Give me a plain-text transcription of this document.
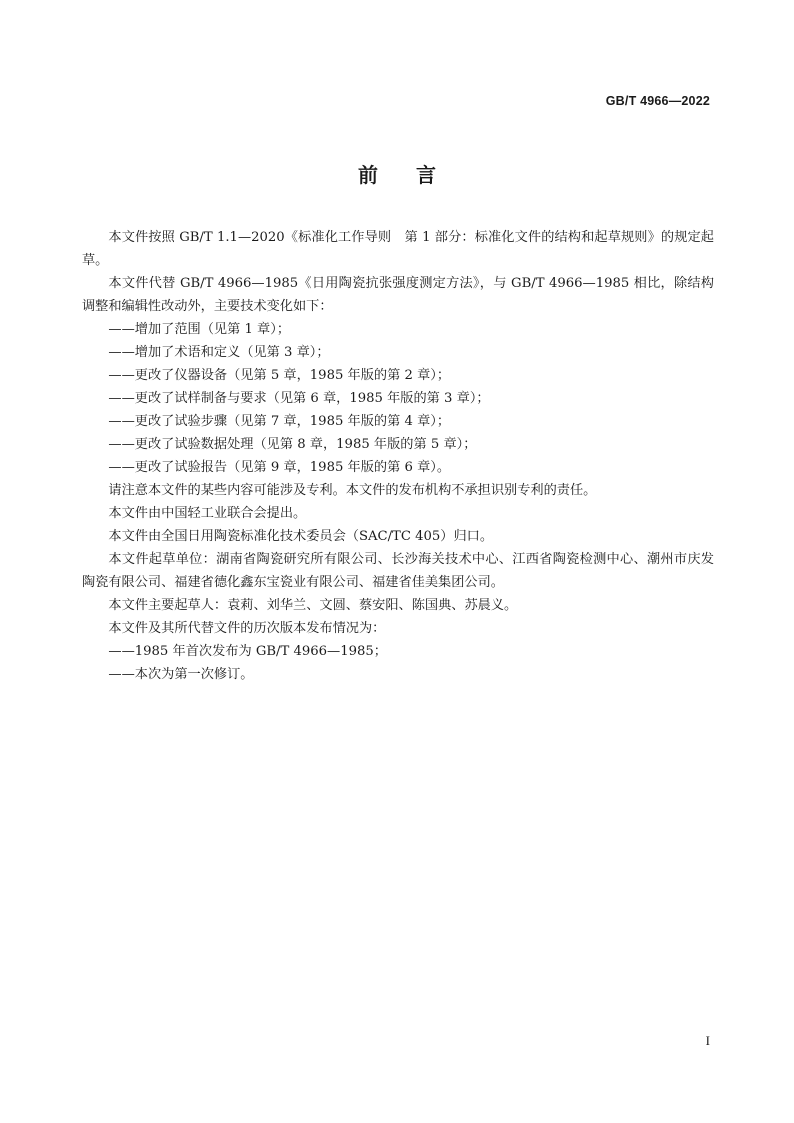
GB/T 4966—2022
前 言

本文件按照 GB/T 1.1—2020《标准化工作导则　第 1 部分：标准化文件的结构和起草规则》的规定起草。

本文件代替 GB/T 4966—1985《日用陶瓷抗张强度测定方法》，与 GB/T 4966—1985 相比，除结构调整和编辑性改动外，主要技术变化如下：

——增加了范围（见第 1 章）；

——增加了术语和定义（见第 3 章）；

——更改了仪器设备（见第 5 章，1985 年版的第 2 章）；

——更改了试样制备与要求（见第 6 章，1985 年版的第 3 章）；

——更改了试验步骤（见第 7 章，1985 年版的第 4 章）；

——更改了试验数据处理（见第 8 章，1985 年版的第 5 章）；

——更改了试验报告（见第 9 章，1985 年版的第 6 章）。

请注意本文件的某些内容可能涉及专利。本文件的发布机构不承担识别专利的责任。

本文件由中国轻工业联合会提出。

本文件由全国日用陶瓷标准化技术委员会（SAC/TC 405）归口。

本文件起草单位：湖南省陶瓷研究所有限公司、长沙海关技术中心、江西省陶瓷检测中心、潮州市庆发陶瓷有限公司、福建省德化鑫东宝瓷业有限公司、福建省佳美集团公司。

本文件主要起草人：袁莉、刘华兰、文圆、蔡安阳、陈国典、苏晨义。

本文件及其所代替文件的历次版本发布情况为：

——1985 年首次发布为 GB/T 4966—1985；

——本次为第一次修订。

I
